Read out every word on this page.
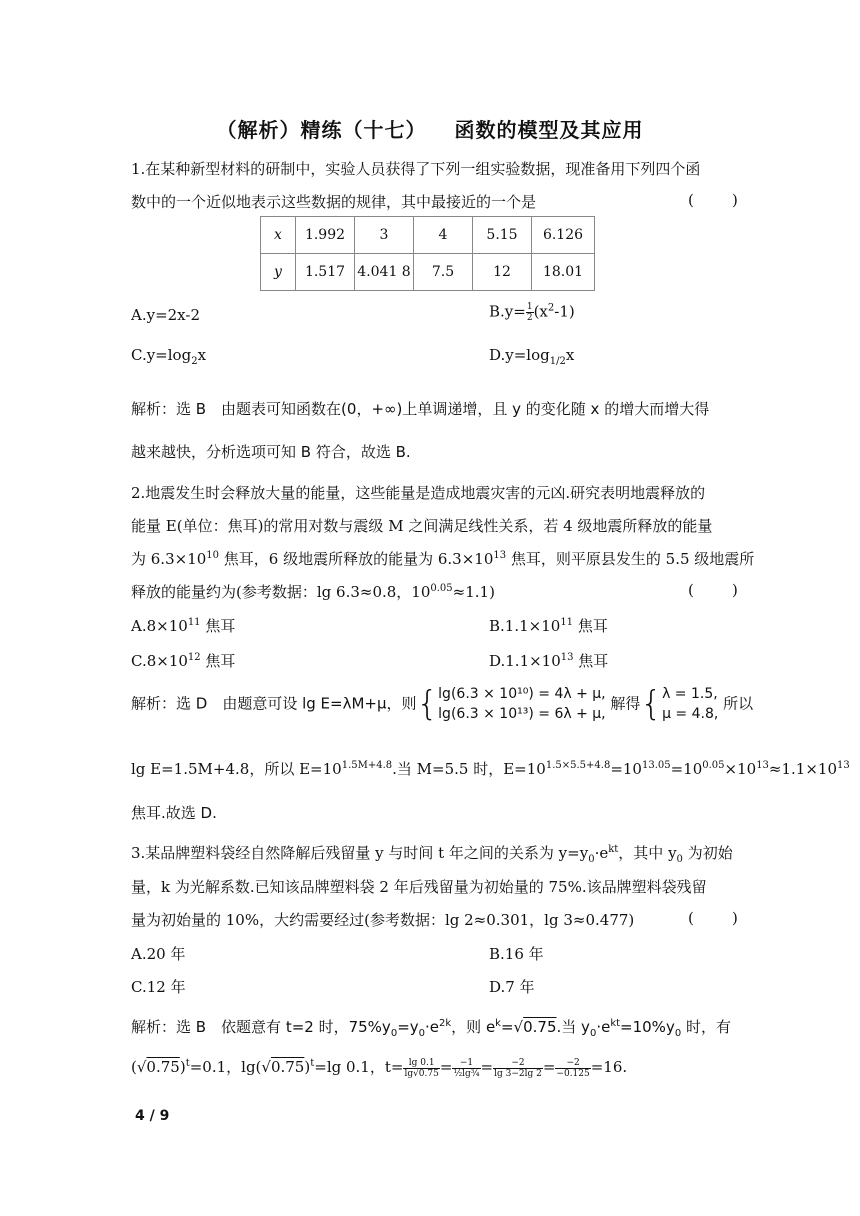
（解析）精练（十七） 函数的模型及其应用
1.在某种新型材料的研制中，实验人员获得了下列一组实验数据，现准备用下列四个函
数中的一个近似地表示这些数据的规律，其中最接近的一个是	(        )
x	1.992	3	4	5.15	6.126
y	1.517	4.041 8	7.5	12	18.01
A.y=2x-2	$B.y= \frac{1}{2} (x^2-1)$
$C.y=\log_2x$	$D.y=\log_{1/2}x$
解析：选 B　由题表可知函数在(0，+∞)上单调递增，且 y 的变化随 x 的增大而增大得
越来越快，分析选项可知 B 符合，故选 B.
2.地震发生时会释放大量的能量，这些能量是造成地震灾害的元凶.研究表明地震释放的
能量 E(单位：焦耳)的常用对数与震级 M 之间满足线性关系，若 4 级地震所释放的能量
为 $6.3\times 10^{10}$ 焦耳，6 级地震所释放的能量为 $6.3\times 10^{13}$ 焦耳，则平原县发生的 5.5 级地震所
释放的能量约为(参考数据：lg 6.3≈0.8，$10^{0.05}\approx 1.1$)	(        )
$A.8\times 10^{11}$ 焦耳	$B.1.1\times 10^{11}$ 焦耳
$C.8\times 10^{12}$ 焦耳	$D.1.1\times 10^{13}$ 焦耳
解析：选 D　由题意可设 lg E=λM+μ，则{lg(6.3 × 10¹⁰) = 4λ + μ,
lg(6.3 × 10¹³) = 6λ + μ, 解得{λ = 1.5,
μ = 4.8, 所以
lg E=1.5M+4.8，所以 $E=10^{1.5M+4.8}$.当 M=5.5 时，$E=10^{1.5\times 5.5+4.8}=10^{13.05}=10^{0.05}\times 10^{13}\approx 1.1\times 10^{13}$
焦耳.故选 D.
3.某品牌塑料袋经自然降解后残留量 y 与时间 t 年之间的关系为 $y=y_0\cdot e^{kt}$，其中 $y_0$ 为初始
量，k 为光解系数.已知该品牌塑料袋 2 年后残留量为初始量的 75%.该品牌塑料袋残留
量为初始量的 10%，大约需要经过(参考数据：lg 2≈0.301，lg 3≈0.477)	(        )
A.20 年	B.16 年
C.12 年	D.7 年
解析：选 B　依题意有 t=2 时，$75\%y_0=y_0\cdot e^{2k}$，则 $e^k=√0.75$.当 $y_0\cdot e^{kt}=10\%y_0$ 时，有
$(√0.75)^t=0.1$，$\lg(√0.75)^t=\lg$ 0.1，$t= \frac{\lg 0.1}{\lg√0.75} = \frac{-1}{\text{½lg¾}} = \frac{-2}{\lg 3-2\lg 2} = \frac{-2}{-0.125} =16$.
4 / 9
